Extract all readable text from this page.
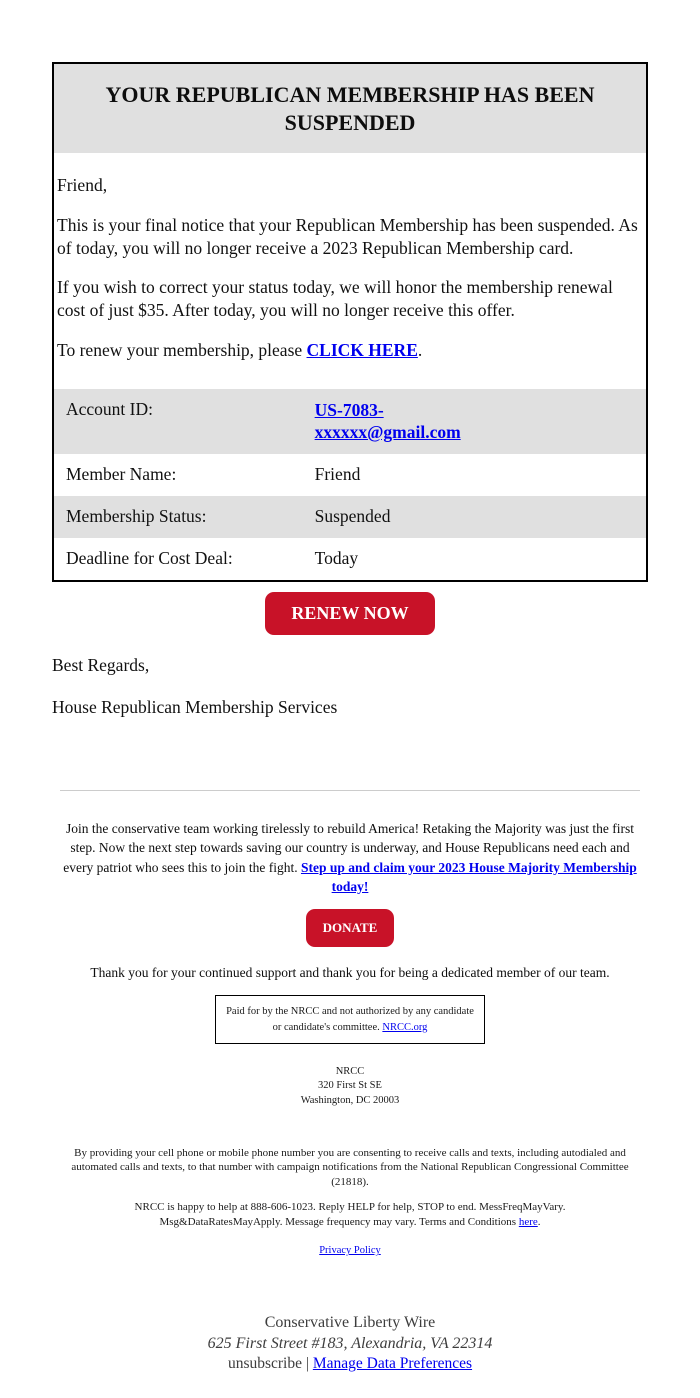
YOUR REPUBLICAN MEMBERSHIP HAS BEEN SUSPENDED

Friend,

This is your final notice that your Republican Membership has been suspended. As of today, you will no longer receive a 2023 Republican Membership card.

If you wish to correct your status today, we will honor the membership renewal cost of just $35. After today, you will no longer receive this offer.

To renew your membership, please CLICK HERE.

Account ID:	US-7083-xxxxxx@gmail.com
Member Name:	Friend
Membership Status:	Suspended
Deadline for Cost Deal:	Today
RENEW NOW

Best Regards,

House Republican Membership Services

Join the conservative team working tirelessly to rebuild America! Retaking the Majority was just the first step. Now the next step towards saving our country is underway, and House Republicans need each and every patriot who sees this to join the fight. Step up and claim your 2023 House Majority Membership today!
DONATE

Thank you for your continued support and thank you for being a dedicated member of our team.

Paid for by the NRCC and not authorized by any candidate or candidate's committee. NRCC.org
NRCC
320 First St SE
Washington, DC 20003

By providing your cell phone or mobile phone number you are consenting to receive calls and texts, including autodialed and automated calls and texts, to that number with campaign notifications from the National Republican Congressional Committee (21818).

NRCC is happy to help at 888-606-1023. Reply HELP for help, STOP to end. MessFreqMayVary. Msg&DataRatesMayApply. Message frequency may vary. Terms and Conditions here.

Privacy Policy

Conservative Liberty Wire
625 First Street #183, Alexandria, VA 22314
unsubscribe | Manage Data Preferences
